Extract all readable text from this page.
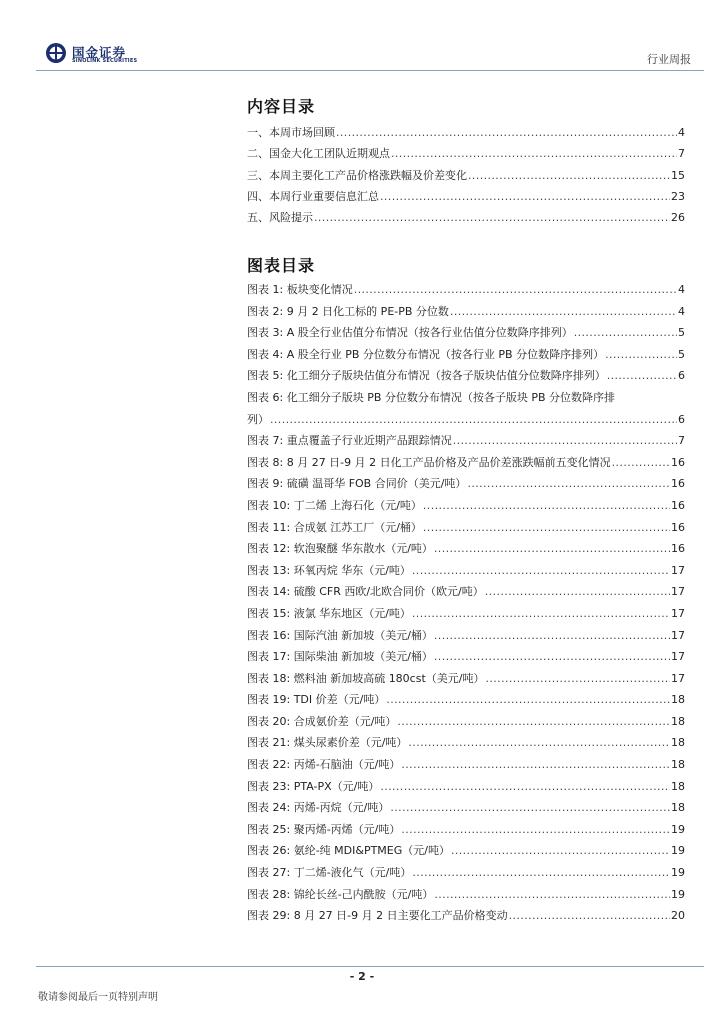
国金证券
SINOLINK SECURITIES	行业周报
内容目录
一、本周市场回顾 .....	4
二、国金大化工团队近期观点 .....	7
三、本周主要化工产品价格涨跌幅及价差变化 .....	15
四、本周行业重要信息汇总 .....	23
五、风险提示 .....	26
图表目录
图表 1: 板块变化情况 .....	4
图表 2: 9 月 2 日化工标的 PE-PB 分位数 .....	4
图表 3: A 股全行业估值分布情况（按各行业估值分位数降序排列） .....	5
图表 4: A 股全行业 PB 分位数分布情况（按各行业 PB 分位数降序排列） .....	5
图表 5: 化工细分子版块估值分布情况（按各子版块估值分位数降序排列） .....	6
图表 6: 化工细分子版块 PB 分位数分布情况（按各子版块 PB 分位数降序排
列） .....	6
图表 7: 重点覆盖子行业近期产品跟踪情况 .....	7
图表 8: 8 月 27 日-9 月 2 日化工产品价格及产品价差涨跌幅前五变化情况 .....	16
图表 9: 硫磺 温哥华 FOB 合同价（美元/吨） .....	16
图表 10: 丁二烯 上海石化（元/吨） .....	16
图表 11: 合成氨 江苏工厂（元/桶） .....	16
图表 12: 软泡聚醚 华东散水（元/吨） .....	16
图表 13: 环氧丙烷 华东（元/吨） .....	17
图表 14: 硫酸 CFR 西欧/北欧合同价（欧元/吨） .....	17
图表 15: 液氯 华东地区（元/吨） .....	17
图表 16: 国际汽油 新加坡（美元/桶） .....	17
图表 17: 国际柴油 新加坡（美元/桶） .....	17
图表 18: 燃料油 新加坡高硫 180cst（美元/吨） .....	17
图表 19: TDI 价差（元/吨） .....	18
图表 20: 合成氨价差（元/吨） .....	18
图表 21: 煤头尿素价差（元/吨） .....	18
图表 22: 丙烯-石脑油（元/吨） .....	18
图表 23: PTA-PX（元/吨） .....	18
图表 24: 丙烯-丙烷（元/吨） .....	18
图表 25: 聚丙烯-丙烯（元/吨） .....	19
图表 26: 氨纶-纯 MDI&PTMEG（元/吨） .....	19
图表 27: 丁二烯-液化气（元/吨） .....	19
图表 28: 锦纶长丝-己内酰胺（元/吨） .....	19
图表 29: 8 月 27 日-9 月 2 日主要化工产品价格变动 .....	20
- 2 -
敬请参阅最后一页特别声明
